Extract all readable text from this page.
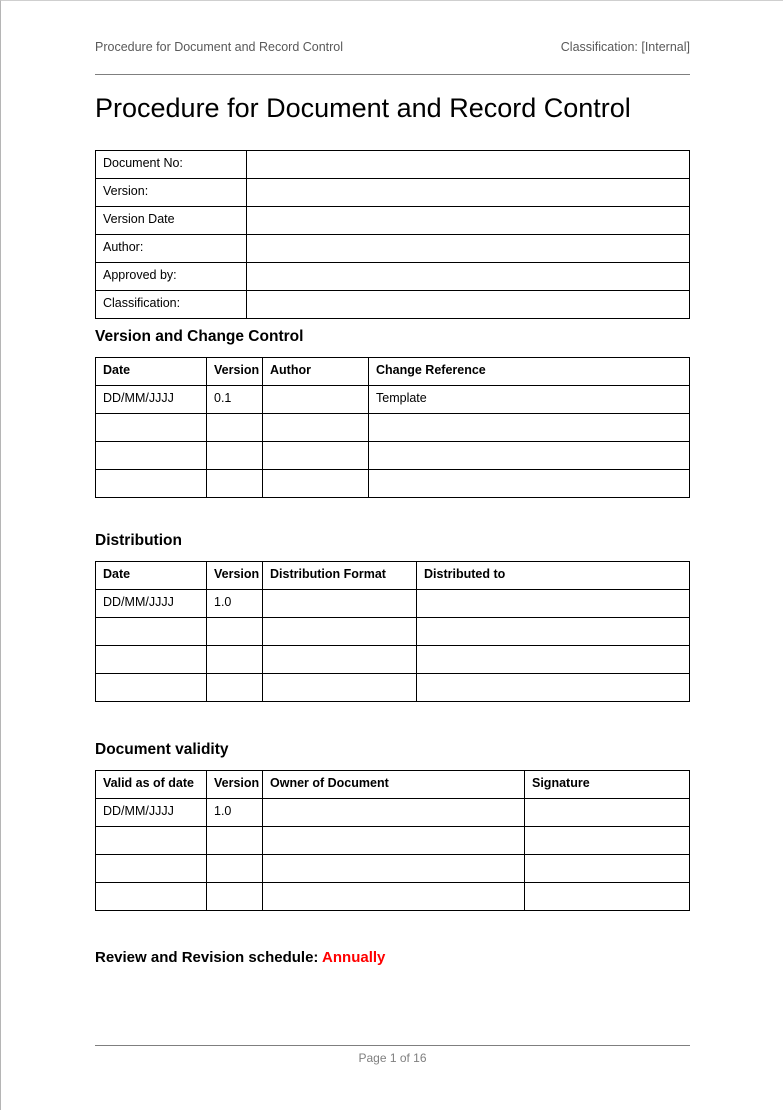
Procedure for Document and Record Control	Classification: [Internal]
Procedure for Document and Record Control
Document No:	
Version:	
Version Date	
Author:	
Approved by:	
Classification:	
Version and Change Control
Date	Version	Author	Change Reference
DD/MM/JJJJ	0.1		Template

Distribution
Date	Version	Distribution Format	Distributed to
DD/MM/JJJJ	1.0		

Document validity
Valid as of date	Version	Owner of Document	Signature
DD/MM/JJJJ	1.0		

Review and Revision schedule: Annually

Page 1 of 16
